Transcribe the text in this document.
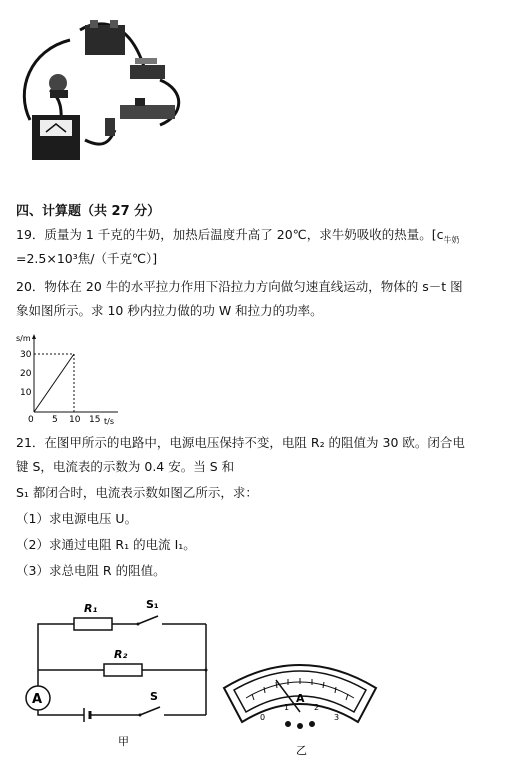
四、计算题（共 27 分）
19．质量为 1 千克的牛奶，加热后温度升高了 20℃，求牛奶吸收的热量。[$c_{牛奶}$
=2.5×10³焦/（千克℃）]
20．物体在 20 牛的水平拉力作用下沿拉力方向做匀速直线运动，物体的 s－t 图
象如图所示。求 10 秒内拉力做的功 W 和拉力的功率。
s/m
t/s
30
20
10
0 5 10 15
21．在图甲所示的电路中，电源电压保持不变，电阻 R₂ 的阻值为 30 欧。闭合电
键 S，电流表的示数为 0.4 安。当 S 和
S₁ 都闭合时，电流表示数如图乙所示，求：
（1）求电源电压 U。
（2）求通过电阻 R₁ 的电流 I₁。
（3）求总电阻 R 的阻值。
R₁	S₁
R₂
A	S
甲
A
0
1	2
3
乙
